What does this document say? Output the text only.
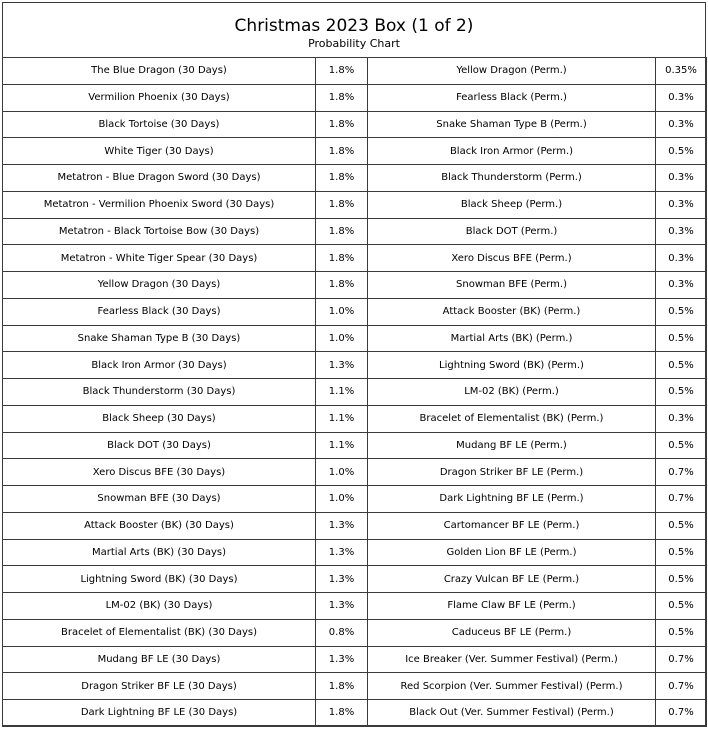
Christmas 2023 Box (1 of 2)
Probability Chart
The Blue Dragon (30 Days)	1.8%	Yellow Dragon (Perm.)	0.35%
Vermilion Phoenix (30 Days)	1.8%	Fearless Black (Perm.)	0.3%
Black Tortoise (30 Days)	1.8%	Snake Shaman Type B (Perm.)	0.3%
White Tiger (30 Days)	1.8%	Black Iron Armor (Perm.)	0.5%
Metatron - Blue Dragon Sword (30 Days)	1.8%	Black Thunderstorm (Perm.)	0.3%
Metatron - Vermilion Phoenix Sword (30 Days)	1.8%	Black Sheep (Perm.)	0.3%
Metatron - Black Tortoise Bow (30 Days)	1.8%	Black DOT (Perm.)	0.3%
Metatron - White Tiger Spear (30 Days)	1.8%	Xero Discus BFE (Perm.)	0.3%
Yellow Dragon (30 Days)	1.8%	Snowman BFE (Perm.)	0.3%
Fearless Black (30 Days)	1.0%	Attack Booster (BK) (Perm.)	0.5%
Snake Shaman Type B (30 Days)	1.0%	Martial Arts (BK) (Perm.)	0.5%
Black Iron Armor (30 Days)	1.3%	Lightning Sword (BK) (Perm.)	0.5%
Black Thunderstorm (30 Days)	1.1%	LM-02 (BK) (Perm.)	0.5%
Black Sheep (30 Days)	1.1%	Bracelet of Elementalist (BK) (Perm.)	0.3%
Black DOT (30 Days)	1.1%	Mudang BF LE (Perm.)	0.5%
Xero Discus BFE (30 Days)	1.0%	Dragon Striker BF LE (Perm.)	0.7%
Snowman BFE (30 Days)	1.0%	Dark Lightning BF LE (Perm.)	0.7%
Attack Booster (BK) (30 Days)	1.3%	Cartomancer BF LE (Perm.)	0.5%
Martial Arts (BK) (30 Days)	1.3%	Golden Lion BF LE (Perm.)	0.5%
Lightning Sword (BK) (30 Days)	1.3%	Crazy Vulcan BF LE (Perm.)	0.5%
LM-02 (BK) (30 Days)	1.3%	Flame Claw BF LE (Perm.)	0.5%
Bracelet of Elementalist (BK) (30 Days)	0.8%	Caduceus BF LE (Perm.)	0.5%
Mudang BF LE (30 Days)	1.3%	Ice Breaker (Ver. Summer Festival) (Perm.)	0.7%
Dragon Striker BF LE (30 Days)	1.8%	Red Scorpion (Ver. Summer Festival) (Perm.)	0.7%
Dark Lightning BF LE (30 Days)	1.8%	Black Out (Ver. Summer Festival) (Perm.)	0.7%
